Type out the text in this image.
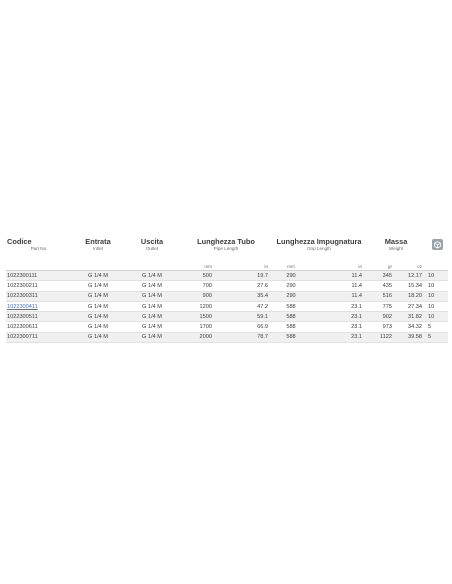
Codice	Entrata	Uscita	Lunghezza Tubo		Lunghezza Impugnatura		Massa	

Part No.	Intlet	Outlet	Pipe Length		Grip Length		Weight		
			mm	in	mm	in	gr	oz	
1022300111	G 1/4 M	G 1/4 M	500	19.7	290	11.4	345	12.17	10
1022300211	G 1/4 M	G 1/4 M	700	27.6	290	11.4	435	15.34	10
1022300311	G 1/4 M	G 1/4 M	900	35.4	290	11.4	516	18.20	10
1022300411	G 1/4 M	G 1/4 M	1200	47.2	588	23.1	775	27.34	10
1022300511	G 1/4 M	G 1/4 M	1500	59.1	588	23.1	902	31.82	10
1022300611	G 1/4 M	G 1/4 M	1700	66.9	588	23.1	973	34.32	5
1022300711	G 1/4 M	G 1/4 M	2000	78.7	588	23.1	1122	39.58	5
